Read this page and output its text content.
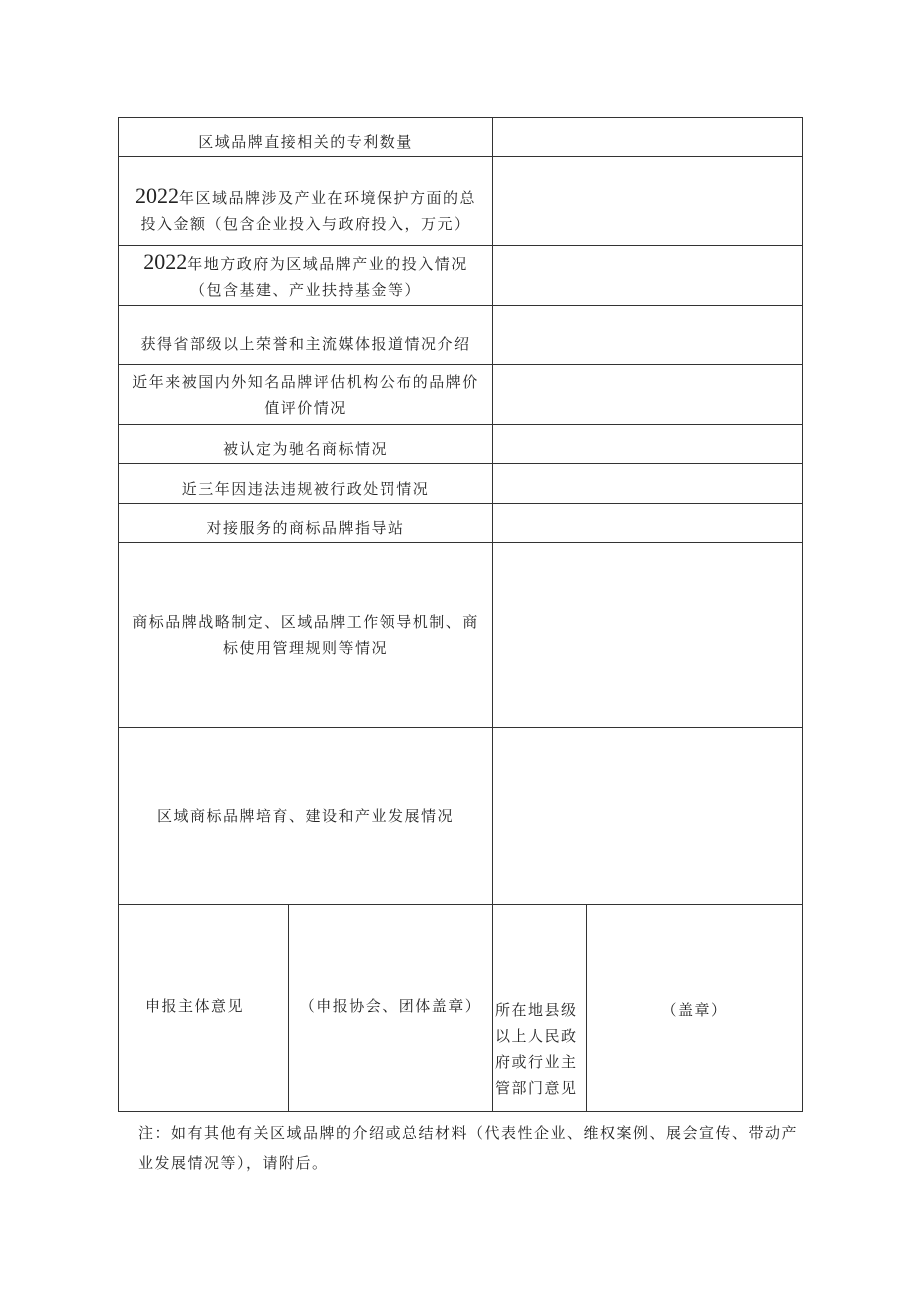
区域品牌直接相关的专利数量			
2022年区域品牌涉及产业在环境保护方面的总投入金额（包含企业投入与政府投入，万元）			
2022年地方政府为区域品牌产业的投入情况（包含基建、产业扶持基金等）			
获得省部级以上荣誉和主流媒体报道情况介绍			
近年来被国内外知名品牌评估机构公布的品牌价值评价情况			
被认定为驰名商标情况			
近三年因违法违规被行政处罚情况			
对接服务的商标品牌指导站			
商标品牌战略制定、区域品牌工作领导机制、商标使用管理规则等情况			
区域商标品牌培育、建设和产业发展情况			
申报主体意见	（申报协会、团体盖章）	所在地县级以上人民政府或行业主管部门意见	（盖章）
注：如有其他有关区域品牌的介绍或总结材料（代表性企业、维权案例、展会宣传、带动产业发展情况等），请附后。
